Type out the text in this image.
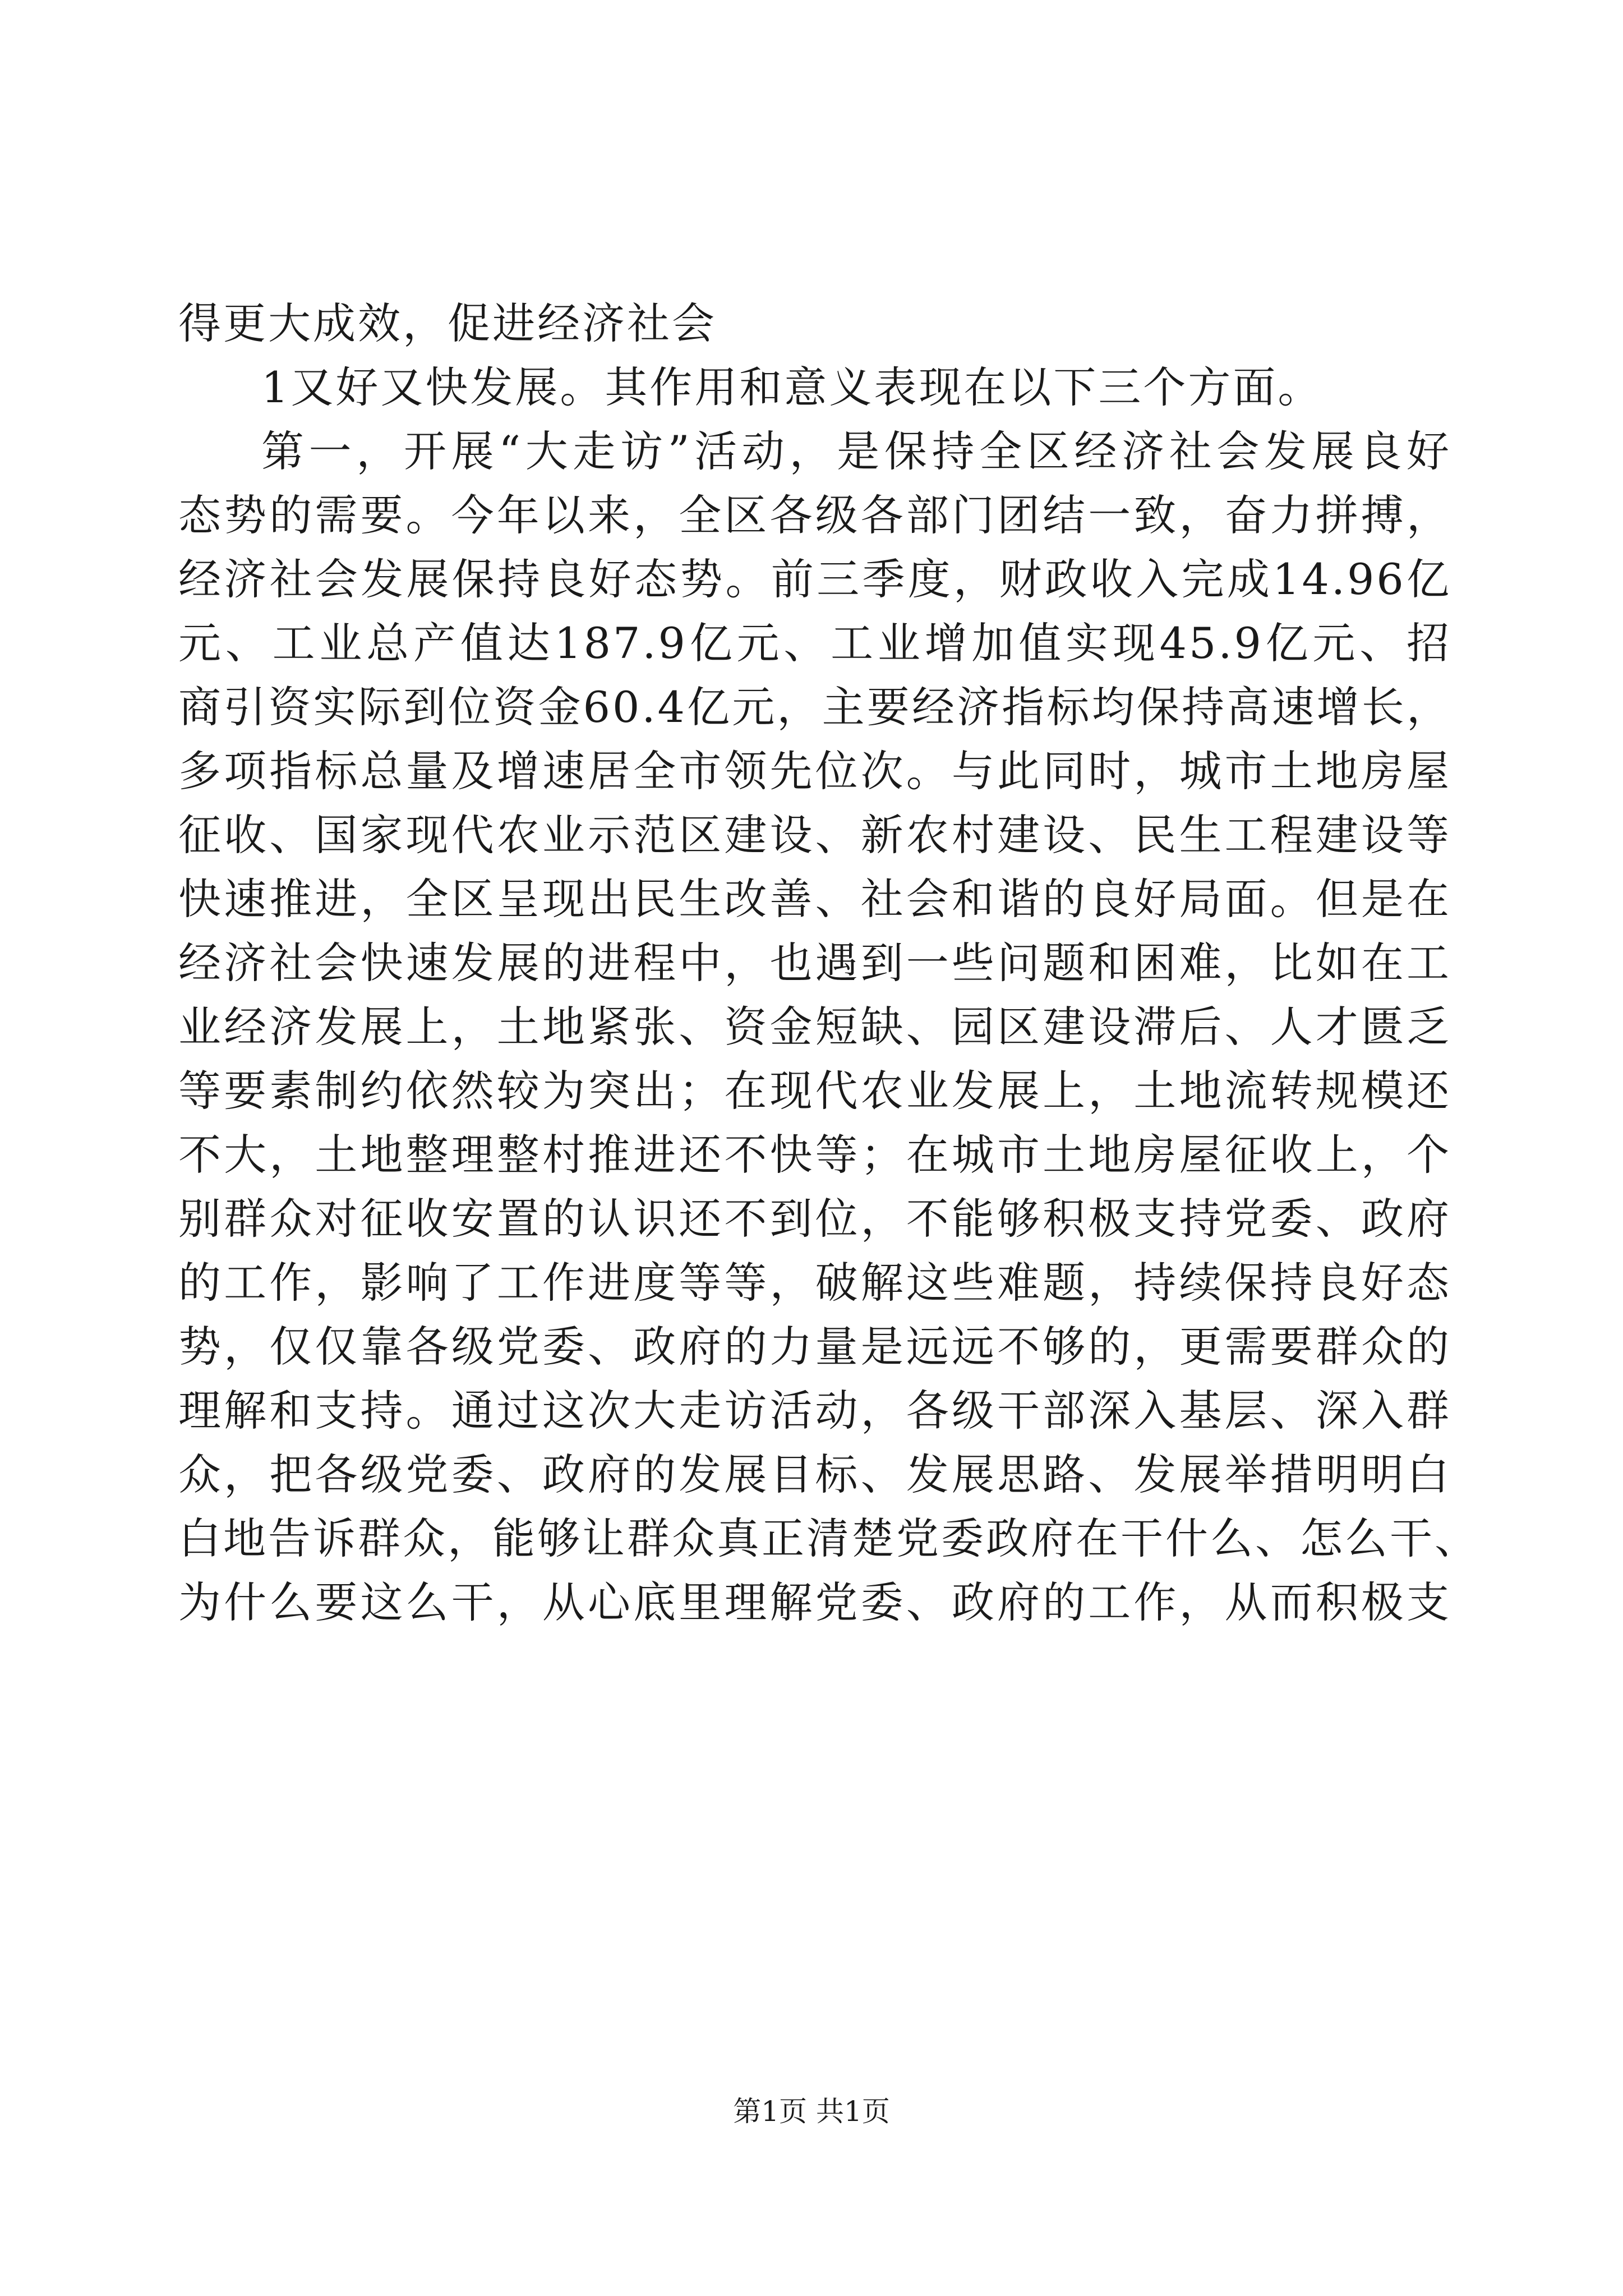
得更大成效，促进经济社会
1又好又快发展。其作用和意义表现在以下三个方面。
第一，开展“大走访”活动，是保持全区经济社会发展良好
态势的需要。今年以来，全区各级各部门团结一致，奋力拼搏，
经济社会发展保持良好态势。前三季度，财政收入完成14.96亿
元、工业总产值达187.9亿元、工业增加值实现45.9亿元、招
商引资实际到位资金60.4亿元，主要经济指标均保持高速增长，
多项指标总量及增速居全市领先位次。与此同时，城市土地房屋
征收、国家现代农业示范区建设、新农村建设、民生工程建设等
快速推进，全区呈现出民生改善、社会和谐的良好局面。但是在
经济社会快速发展的进程中，也遇到一些问题和困难，比如在工
业经济发展上，土地紧张、资金短缺、园区建设滞后、人才匮乏
等要素制约依然较为突出；在现代农业发展上，土地流转规模还
不大，土地整理整村推进还不快等；在城市土地房屋征收上，个
别群众对征收安置的认识还不到位，不能够积极支持党委、政府
的工作，影响了工作进度等等，破解这些难题，持续保持良好态
势，仅仅靠各级党委、政府的力量是远远不够的，更需要群众的
理解和支持。通过这次大走访活动，各级干部深入基层、深入群
众，把各级党委、政府的发展目标、发展思路、发展举措明明白
白地告诉群众，能够让群众真正清楚党委政府在干什么、怎么干、
为什么要这么干，从心底里理解党委、政府的工作，从而积极支
第1页 共1页
